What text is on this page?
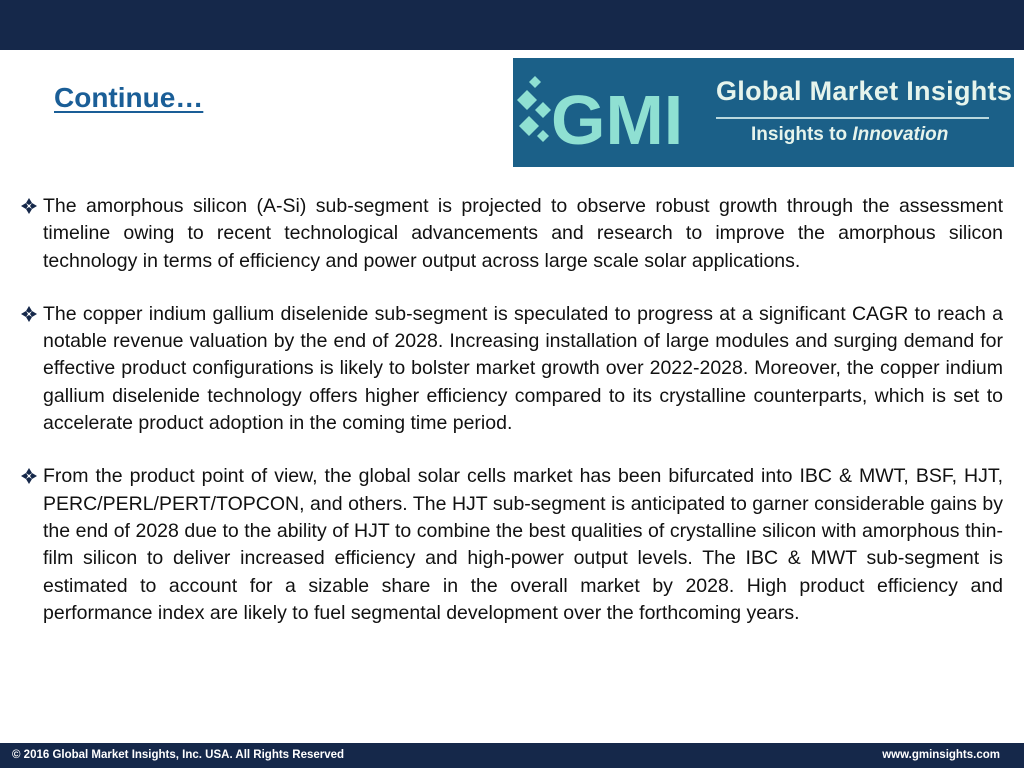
Continue…	GMI Global Market Insights
Insights to Innovation
The amorphous silicon (A-Si) sub-segment is projected to observe robust growth through the assessment timeline owing to recent technological advancements and research to improve the amorphous silicon technology in terms of efficiency and power output across large scale solar applications.
The copper indium gallium diselenide sub-segment is speculated to progress at a significant CAGR to reach a notable revenue valuation by the end of 2028. Increasing installation of large modules and surging demand for effective product configurations is likely to bolster market growth over 2022-2028. Moreover, the copper indium gallium diselenide technology offers higher efficiency compared to its crystalline counterparts, which is set to accelerate product adoption in the coming time period.
From the product point of view, the global solar cells market has been bifurcated into IBC & MWT, BSF, HJT, PERC/PERL/PERT/TOPCON, and others. The HJT sub-segment is anticipated to garner considerable gains by the end of 2028 due to the ability of HJT to combine the best qualities of crystalline silicon with amorphous thin-film silicon to deliver increased efficiency and high-power output levels. The IBC & MWT sub-segment is estimated to account for a sizable share in the overall market by 2028. High product efficiency and performance index are likely to fuel segmental development over the forthcoming years.
© 2016 Global Market Insights, Inc. USA. All Rights Reserved	www.gminsights.com
